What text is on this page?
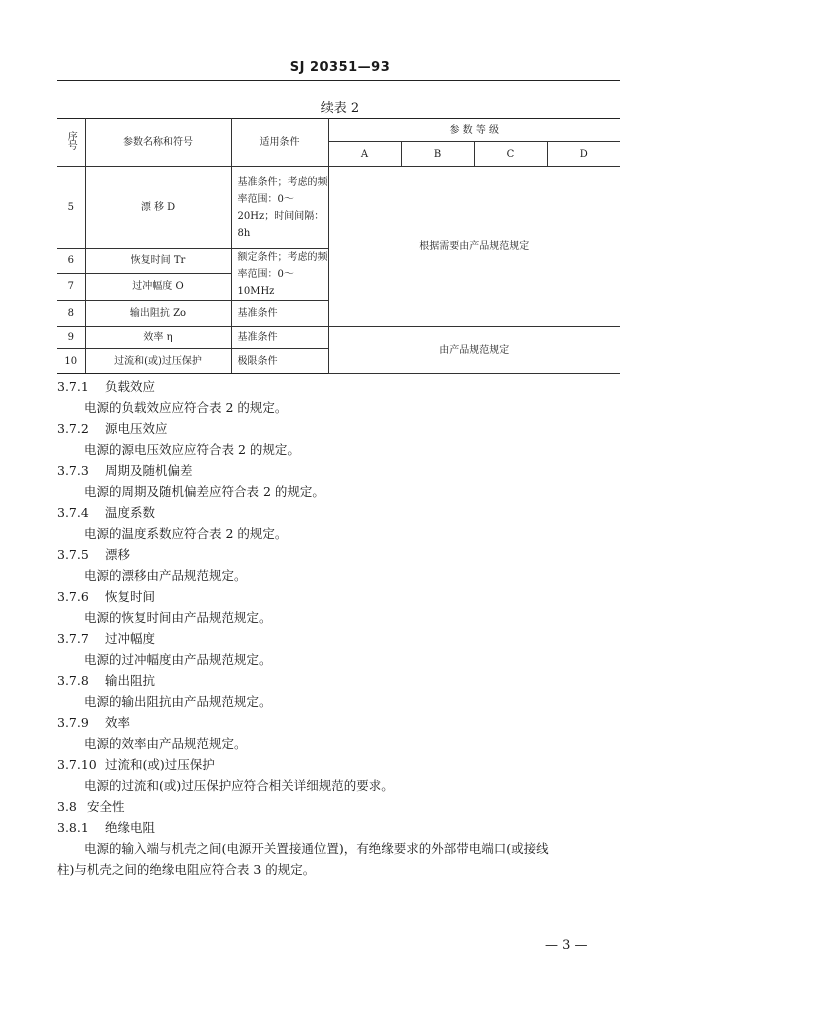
SJ 20351—93
续表 2
序号	参数名称和符号	适用条件	参 数 等 级			
			A	B	C	D
5	漂 移 D	基准条件；考虑的频率范围：0～20Hz；时间间隔：8h	根据需要由产品规范规定			
6	恢复时间 Tr	额定条件；考虑的频率范围：0～10MHz				
7	过冲幅度 O					
8	输出阻抗 Zo	基准条件				
9	效率 η	基准条件	由产品规范规定			
10	过流和(或)过压保护	极限条件				
3.7.1 负载效应
电源的负载效应应符合表 2 的规定。
3.7.2 源电压效应
电源的源电压效应应符合表 2 的规定。
3.7.3 周期及随机偏差
电源的周期及随机偏差应符合表 2 的规定。
3.7.4 温度系数
电源的温度系数应符合表 2 的规定。
3.7.5 漂移
电源的漂移由产品规范规定。
3.7.6 恢复时间
电源的恢复时间由产品规范规定。
3.7.7 过冲幅度
电源的过冲幅度由产品规范规定。
3.7.8 输出阻抗
电源的输出阻抗由产品规范规定。
3.7.9 效率
电源的效率由产品规范规定。
3.7.10 过流和(或)过压保护
电源的过流和(或)过压保护应符合相关详细规范的要求。
3.8 安全性
3.8.1 绝缘电阻
电源的输入端与机壳之间(电源开关置接通位置)，有绝缘要求的外部带电端口(或接线
柱)与机壳之间的绝缘电阻应符合表 3 的规定。
— 3 —
